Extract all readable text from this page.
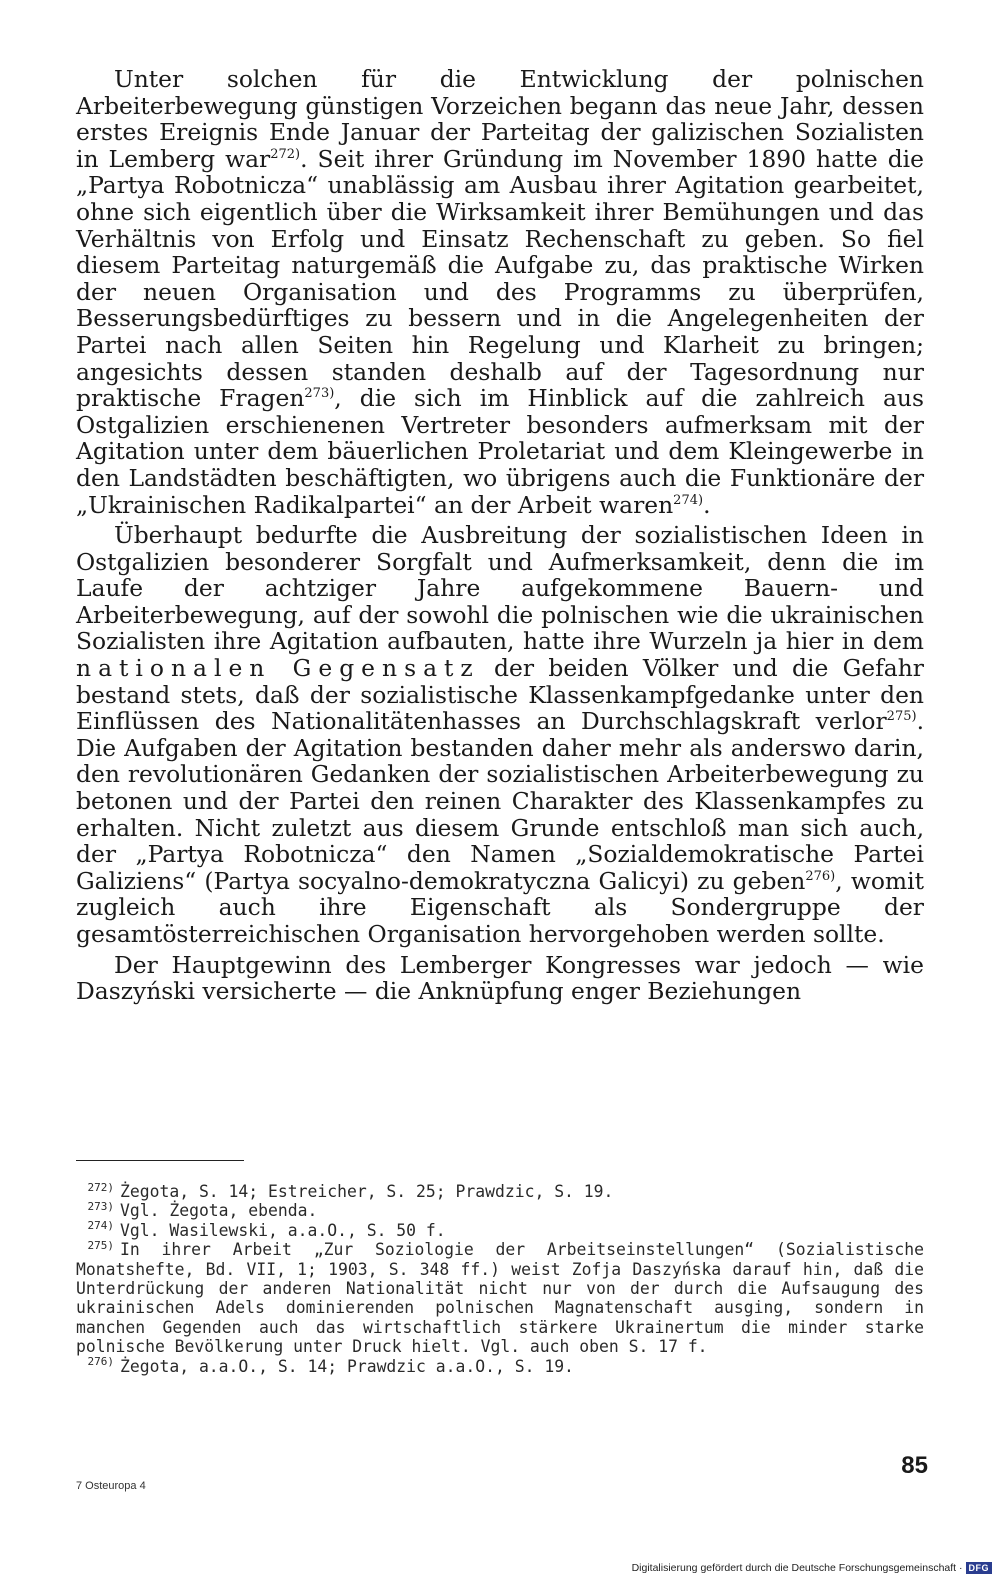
Unter solchen für die Entwicklung der polnischen Arbeiterbewegung günstigen Vorzeichen begann das neue Jahr, dessen erstes Ereignis Ende Januar der Parteitag der galizischen Sozialisten in Lemberg war$^{272)}$. Seit ihrer Gründung im November 1890 hatte die „Partya Robotnicza“ unablässig am Ausbau ihrer Agitation gearbeitet, ohne sich eigentlich über die Wirksamkeit ihrer Bemühungen und das Verhältnis von Erfolg und Einsatz Rechenschaft zu geben. So fiel diesem Parteitag naturgemäß die Aufgabe zu, das praktische Wirken der neuen Organisation und des Programms zu überprüfen, Besserungsbedürftiges zu bessern und in die Angelegenheiten der Partei nach allen Seiten hin Regelung und Klarheit zu bringen; angesichts dessen standen deshalb auf der Tagesordnung nur praktische Fragen$^{273)}$, die sich im Hinblick auf die zahlreich aus Ostgalizien erschienenen Vertreter besonders aufmerksam mit der Agitation unter dem bäuerlichen Proletariat und dem Kleingewerbe in den Landstädten beschäftigten, wo übrigens auch die Funktionäre der „Ukrainischen Radikalpartei“ an der Arbeit waren$^{274)}$.

Überhaupt bedurfte die Ausbreitung der sozialistischen Ideen in Ostgalizien besonderer Sorgfalt und Aufmerksamkeit, denn die im Laufe der achtziger Jahre aufgekommene Bauern- und Arbeiterbewegung, auf der sowohl die polnischen wie die ukrainischen Sozialisten ihre Agitation aufbauten, hatte ihre Wurzeln ja hier in dem nationalen Gegensatz der beiden Völker und die Gefahr bestand stets, daß der sozialistische Klassenkampfgedanke unter den Einflüssen des Nationalitätenhasses an Durchschlagskraft verlor$^{275)}$. Die Aufgaben der Agitation bestanden daher mehr als anderswo darin, den revolutionären Gedanken der sozialistischen Arbeiterbewegung zu betonen und der Partei den reinen Charakter des Klassenkampfes zu erhalten. Nicht zuletzt aus diesem Grunde entschloß man sich auch, der „Partya Robotnicza“ den Namen „Sozialdemokratische Partei Galiziens“ (Partya socyalno-demokratyczna Galicyi) zu geben$^{276)}$, womit zugleich auch ihre Eigenschaft als Sondergruppe der gesamtösterreichischen Organisation hervorgehoben werden sollte.

Der Hauptgewinn des Lemberger Kongresses war jedoch — wie Daszyński versicherte — die Anknüpfung enger Beziehungen

272) Żegota, S. 14; Estreicher, S. 25; Prawdzic, S. 19.

273) Vgl. Żegota, ebenda.

274) Vgl. Wasilewski, a.a.O., S. 50 f.

275) In ihrer Arbeit „Zur Soziologie der Arbeitseinstellungen“ (Sozialistische Monatshefte, Bd. VII, 1; 1903, S. 348 ff.) weist Zofja Daszyńska darauf hin, daß die Unterdrückung der anderen Nationalität nicht nur von der durch die Aufsaugung des ukrainischen Adels dominierenden polnischen Magnatenschaft ausging, sondern in manchen Gegenden auch das wirtschaftlich stärkere Ukrainertum die minder starke polnische Bevölkerung unter Druck hielt. Vgl. auch oben S. 17 f.

276) Żegota, a.a.O., S. 14; Prawdzic a.a.O., S. 19.

85
7 Osteuropa 4
Digitalisierung gefördert durch die Deutsche Forschungsgemeinschaft · DFG
